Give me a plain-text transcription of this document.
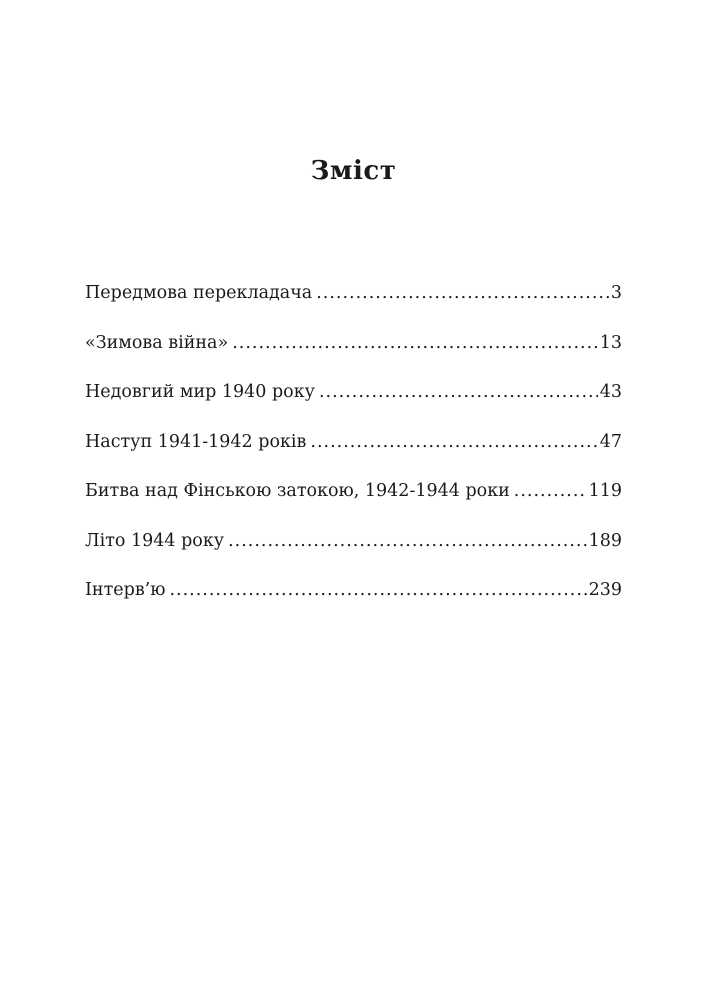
Зміст
Передмова перекладача .....	3
«Зимова війна» .....	13
Недовгий мир 1940 року .....	43
Наступ 1941-1942 років .....	47
Битва над Фінською затокою, 1942-1944 роки .....	119
Літо 1944 року .....	189
Інтерв’ю .....	239
